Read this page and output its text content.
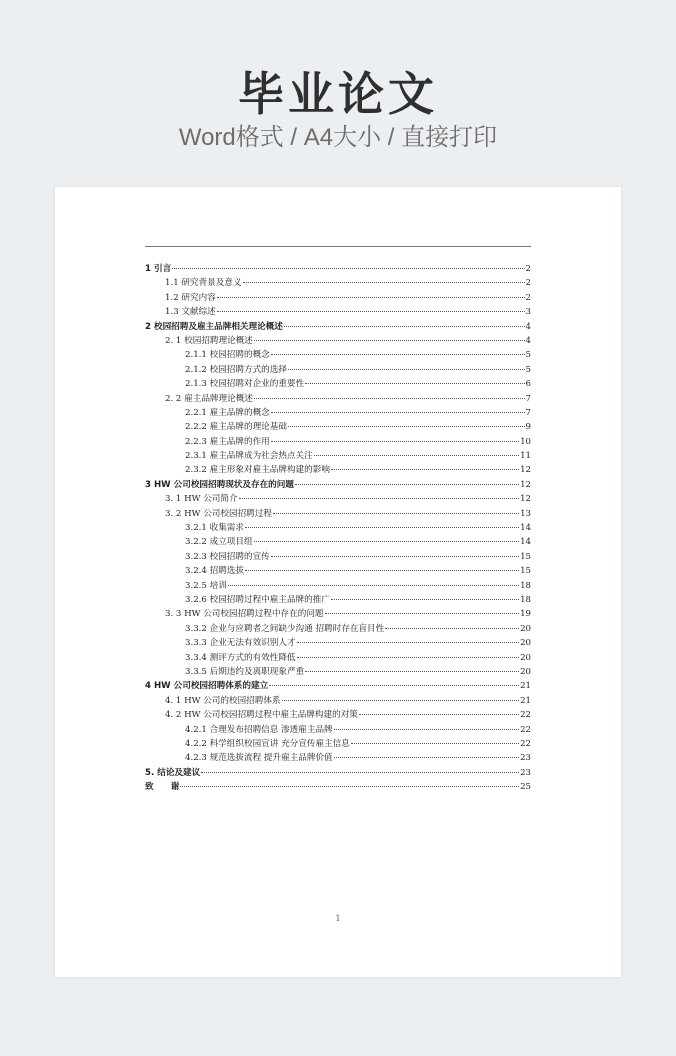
毕业论文
Word格式 / A4大小 / 直接打印
1 引言	2
1.1 研究背景及意义	2
1.2 研究内容	2
1.3 文献综述	3
2 校园招聘及雇主品牌相关理论概述	4
2. 1 校园招聘理论概述	4
2.1.1 校园招聘的概念	5
2.1.2 校园招聘方式的选择	5
2.1.3 校园招聘对企业的重要性	6
2. 2 雇主品牌理论概述	7
2.2.1 雇主品牌的概念	7
2.2.2 雇主品牌的理论基础	9
2.2.3 雇主品牌的作用	10
2.3.1 雇主品牌成为社会热点关注	11
2.3.2 雇主形象对雇主品牌构建的影响	12
3 HW 公司校园招聘现状及存在的问题	12
3. 1 HW 公司简介	12
3. 2 HW 公司校园招聘过程	13
3.2.1 收集需求	14
3.2.2 成立项目组	14
3.2.3 校园招聘的宣传	15
3.2.4 招聘选拔	15
3.2.5 培训	18
3.2.6 校园招聘过程中雇主品牌的推广	18
3. 3 HW 公司校园招聘过程中存在的问题	19
3.3.2 企业与应聘者之间缺少沟通 招聘时存在盲目性	20
3.3.3 企业无法有效识别人才	20
3.3.4 测评方式的有效性降低	20
3.3.5 后期违约及离职现象严重	20
4 HW 公司校园招聘体系的建立	21
4. 1 HW 公司的校园招聘体系	21
4. 2 HW 公司校园招聘过程中雇主品牌构建的对策	22
4.2.1 合理发布招聘信息 渗透雇主品牌	22
4.2.2 科学组织校园宣讲 充分宣传雇主信息	22
4.2.3 规范选拔流程 提升雇主品牌价值	23
5. 结论及建议	23
致　　谢	25
1
